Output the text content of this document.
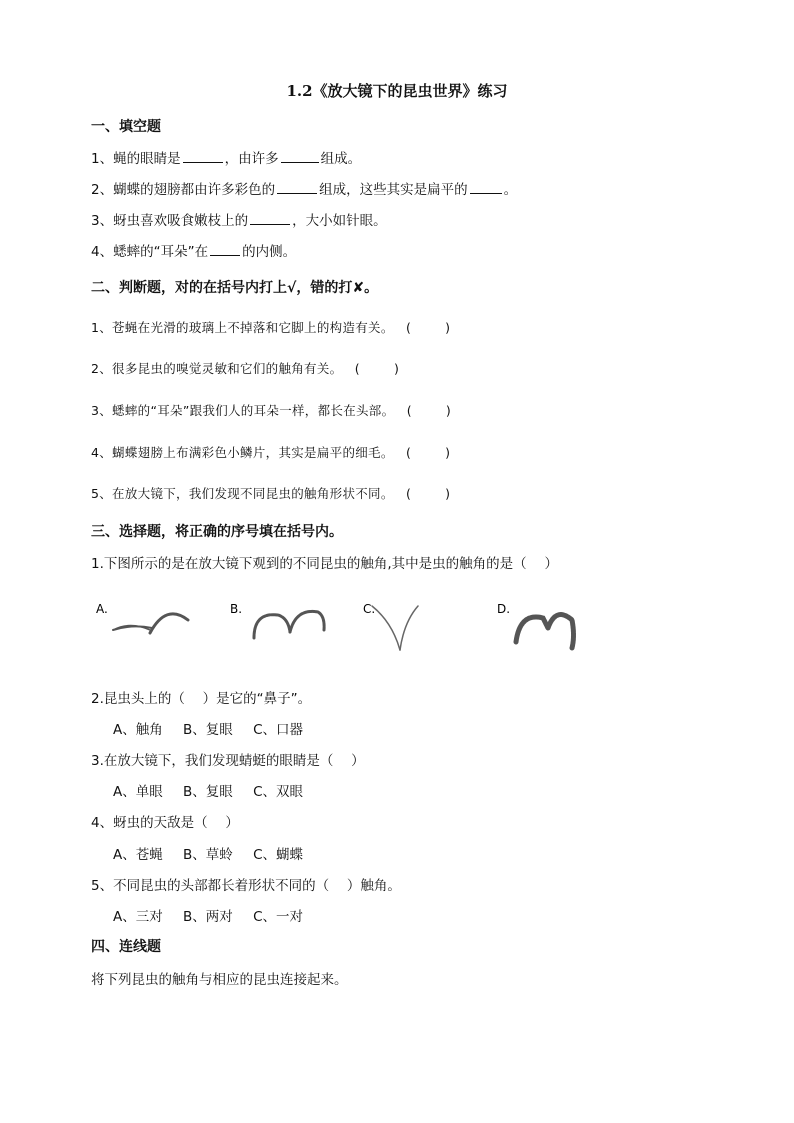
1.2《放大镜下的昆虫世界》练习
一、填空题
1、蝇的眼睛是	，由许多	组成。
2、蝴蝶的翅膀都由许多彩色的	组成，这些其实是扁平的	。
3、蚜虫喜欢吸食嫩枝上的	，大小如针眼。
4、蟋蟀的“耳朵”在	的内侧。
二、判断题，对的在括号内打上√，错的打✘。
1、苍蝇在光滑的玻璃上不掉落和它脚上的构造有关。 (	)
2、很多昆虫的嗅觉灵敏和它们的触角有关。 (	)
3、蟋蟀的“耳朵”跟我们人的耳朵一样，都长在头部。 (	)
4、蝴蝶翅膀上布满彩色小鳞片，其实是扁平的细毛。 (	)
5、在放大镜下，我们发现不同昆虫的触角形状不同。 (	)
三、选择题，将正确的序号填在括号内。
1.下图所示的是在放大镜下观到的不同昆虫的触角,其中是虫的触角的是（　 ）
A.	B.	C.	D.
2.昆虫头上的（　 ）是它的“鼻子”。
A、触角 B、复眼 C、口器
3.在放大镜下，我们发现蜻蜓的眼睛是（　 ）
A、单眼 B、复眼 C、双眼
4、蚜虫的天敌是（　 ）
A、苍蝇 B、草蛉 C、蝴蝶
5、不同昆虫的头部都长着形状不同的（　 ）触角。
A、三对 B、两对 C、一对
四、连线题
将下列昆虫的触角与相应的昆虫连接起来。
